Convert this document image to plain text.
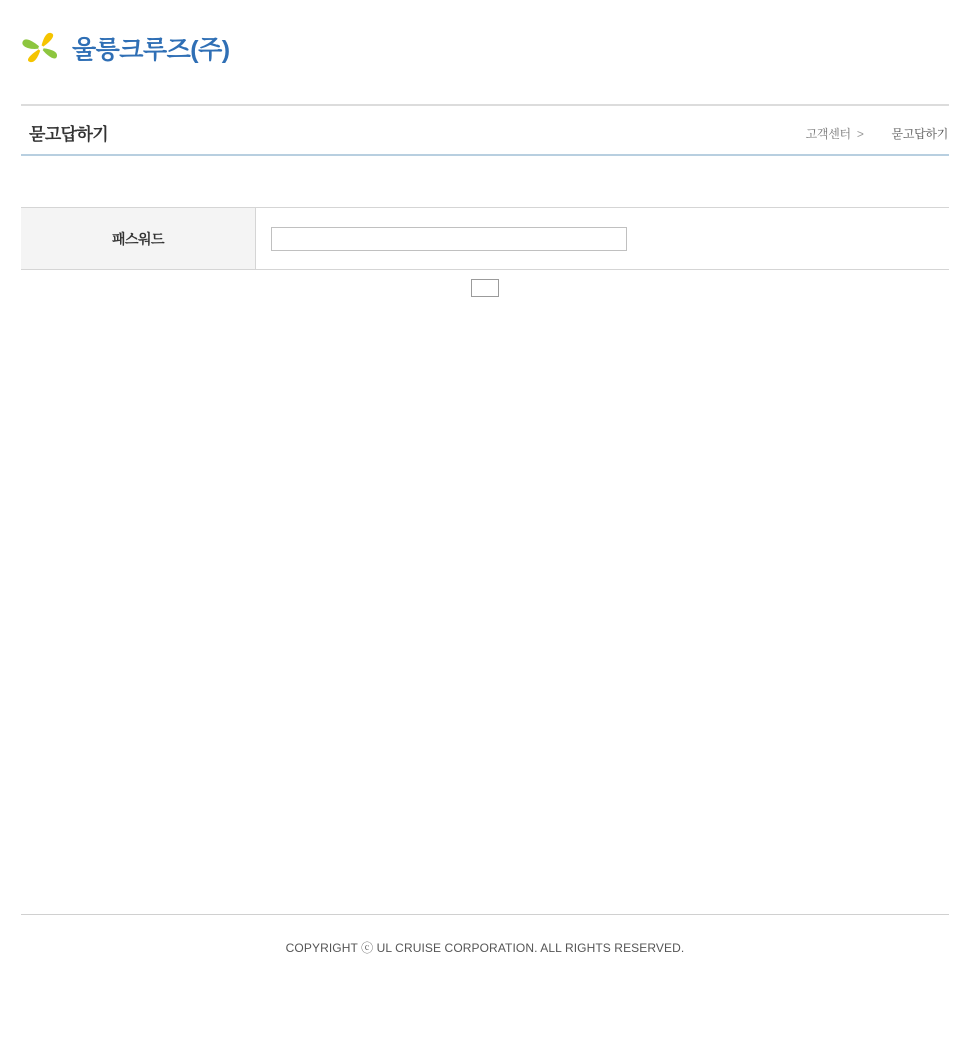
울릉크루즈(주)
묻고답하기	고객센터 >	묻고답하기
패스워드	
COPYRIGHT ⓒ UL CRUISE CORPORATION. ALL RIGHTS RESERVED.
